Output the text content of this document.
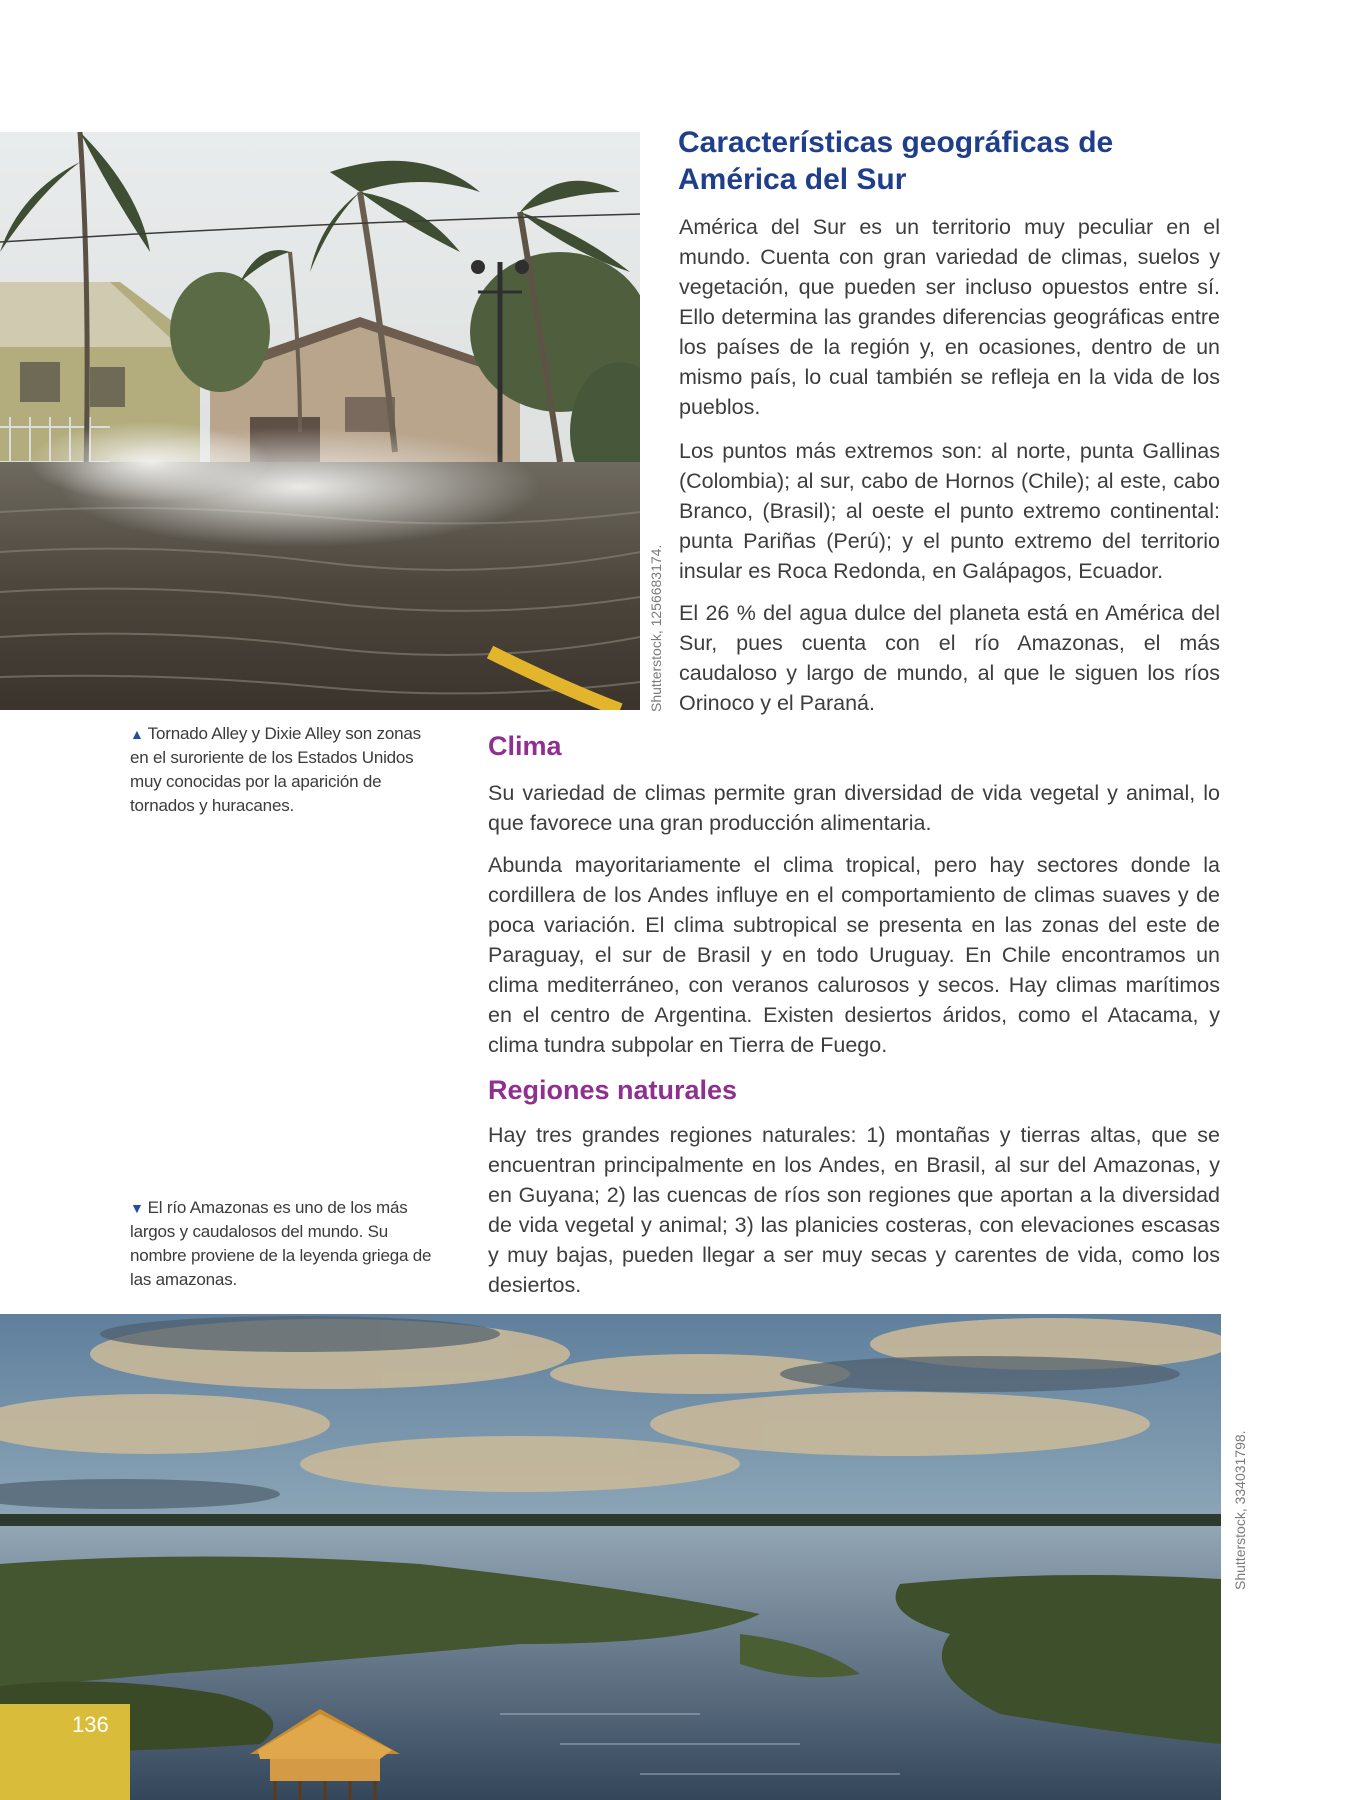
Shutterstock, 1256683174.
Características geográficas de América del Sur

América del Sur es un territorio muy peculiar en el mundo. Cuenta con gran variedad de climas, suelos y vegetación, que pueden ser incluso opuestos entre sí. Ello determina las grandes diferencias geográficas entre los países de la región y, en ocasiones, dentro de un mismo país, lo cual también se refleja en la vida de los pueblos.

Los puntos más extremos son: al norte, punta Gallinas (Colombia); al sur, cabo de Hornos (Chile); al este, cabo Branco, (Brasil); al oeste el punto extremo continental: punta Pariñas (Perú); y el punto extremo del territorio insular es Roca Redonda, en Galápagos, Ecuador.

El 26 % del agua dulce del planeta está en América del Sur, pues cuenta con el río Amazonas, el más caudaloso y largo de mundo, al que le siguen los ríos Orinoco y el Paraná.

▲ Tornado Alley y Dixie Alley son zonas en el suroriente de los Estados Unidos muy conocidas por la aparición de tornados y huracanes.

Clima

Su variedad de climas permite gran diversidad de vida vegetal y animal, lo que favorece una gran producción alimentaria.

Abunda mayoritariamente el clima tropical, pero hay sectores donde la cordillera de los Andes influye en el comportamiento de climas suaves y de poca variación. El clima subtropical se presenta en las zonas del este de Paraguay, el sur de Brasil y en todo Uruguay. En Chile encontramos un clima mediterráneo, con veranos calurosos y secos. Hay climas marítimos en el centro de Argentina. Existen desiertos áridos, como el Atacama, y clima tundra subpolar en Tierra de Fuego.

Regiones naturales

Hay tres grandes regiones naturales: 1) montañas y tierras altas, que se encuentran principalmente en los Andes, en Brasil, al sur del Amazonas, y en Guyana; 2) las cuencas de ríos son regiones que aportan a la diversidad de vida vegetal y animal; 3) las planicies costeras, con elevaciones escasas y muy bajas, pueden llegar a ser muy secas y carentes de vida, como los desiertos.

▼ El río Amazonas es uno de los más largos y caudalosos del mundo. Su nombre proviene de la leyenda griega de las amazonas.

Shutterstock, 334031798.
136
